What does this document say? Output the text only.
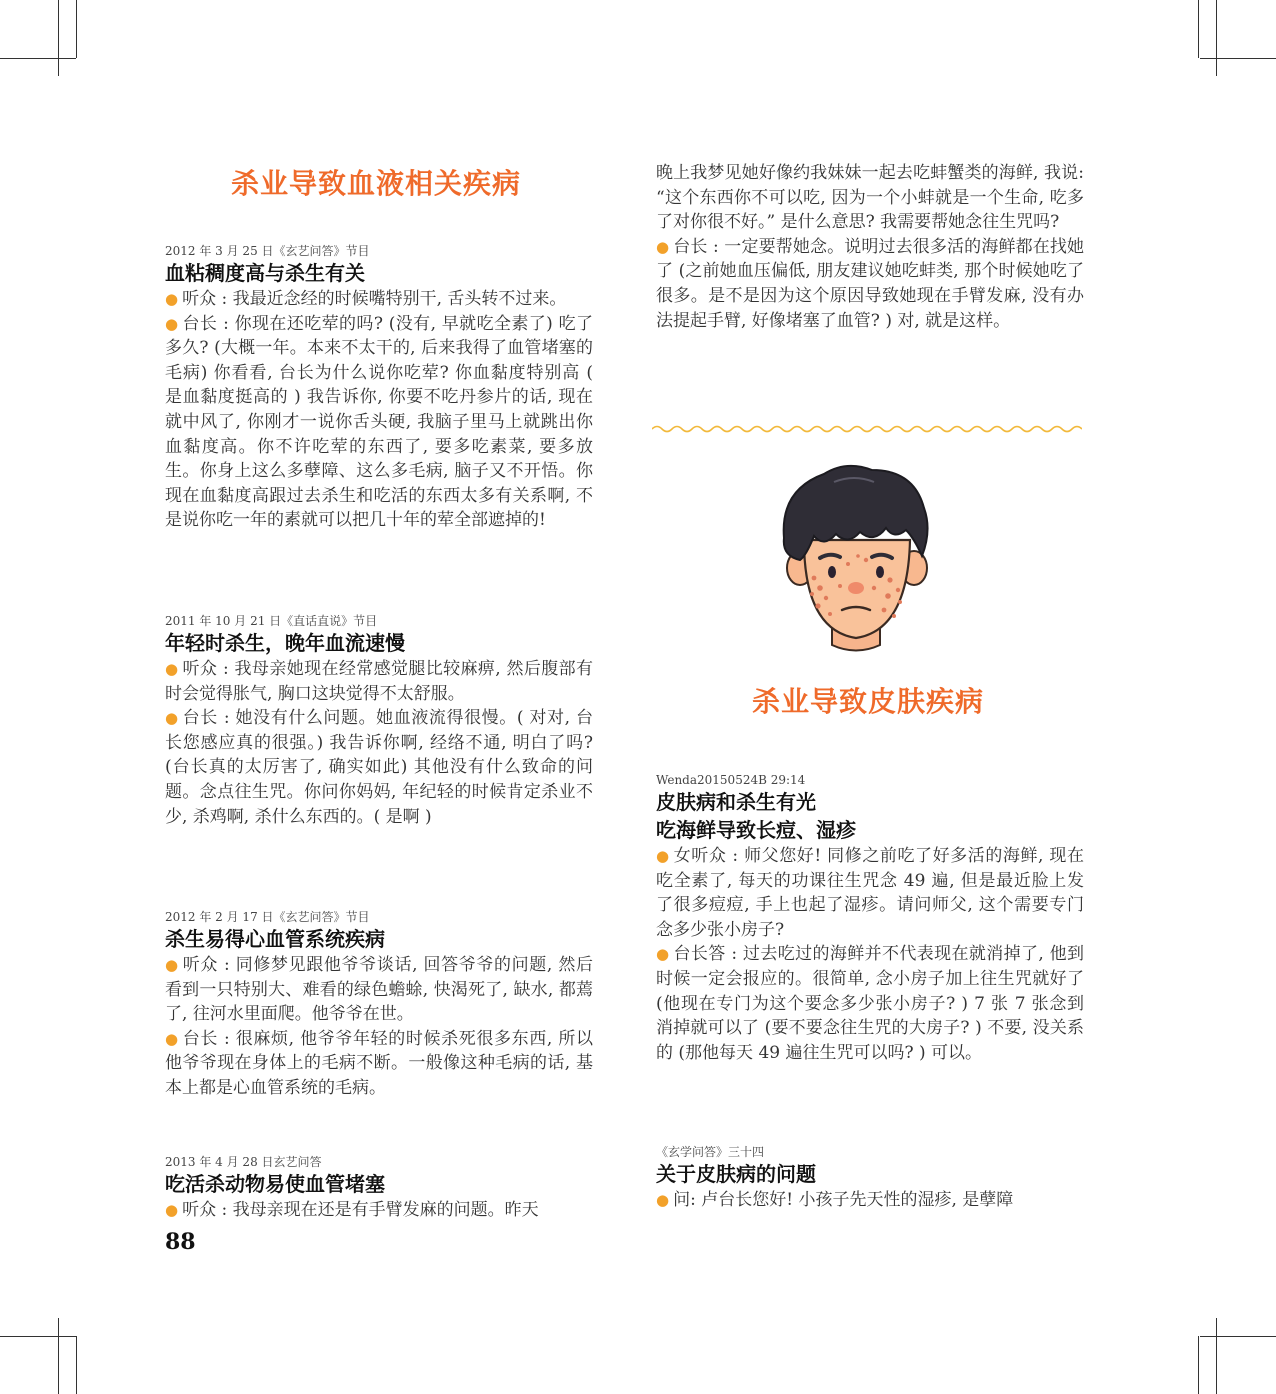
杀业导致血液相关疾病
2012 年 3 月 25 日《玄艺问答》节目
血粘稠度高与杀生有关

● 听众 : 我最近念经的时候嘴特别干, 舌头转不过来。

● 台长 : 你现在还吃荤的吗? (没有, 早就吃全素了) 吃了多久? (大概一年。本来不太干的, 后来我得了血管堵塞的毛病) 你看看, 台长为什么说你吃荤? 你血黏度特别高 ( 是血黏度挺高的 ) 我告诉你, 你要不吃丹参片的话, 现在就中风了, 你刚才一说你舌头硬, 我脑子里马上就跳出你血黏度高。你不许吃荤的东西了, 要多吃素菜, 要多放生。你身上这么多孽障、这么多毛病, 脑子又不开悟。你现在血黏度高跟过去杀生和吃活的东西太多有关系啊, 不是说你吃一年的素就可以把几十年的荤全部遮掉的!

2011 年 10 月 21 日《直话直说》节目
年轻时杀生，晚年血流速慢

● 听众 : 我母亲她现在经常感觉腿比较麻痹, 然后腹部有时会觉得胀气, 胸口这块觉得不太舒服。

● 台长 : 她没有什么问题。她血液流得很慢。( 对对, 台长您感应真的很强。) 我告诉你啊, 经络不通, 明白了吗? (台长真的太厉害了, 确实如此) 其他没有什么致命的问题。念点往生咒。你问你妈妈, 年纪轻的时候肯定杀业不少, 杀鸡啊, 杀什么东西的。( 是啊 )

2012 年 2 月 17 日《玄艺问答》节目
杀生易得心血管系统疾病

● 听众 : 同修梦见跟他爷爷谈话, 回答爷爷的问题, 然后看到一只特别大、难看的绿色蟾蜍, 快渴死了, 缺水, 都蔫了, 往河水里面爬。他爷爷在世。

● 台长 : 很麻烦, 他爷爷年轻的时候杀死很多东西, 所以他爷爷现在身体上的毛病不断。一般像这种毛病的话, 基本上都是心血管系统的毛病。

2013 年 4 月 28 日玄艺问答
吃活杀动物易使血管堵塞

● 听众 : 我母亲现在还是有手臂发麻的问题。昨天

88

晚上我梦见她好像约我妹妹一起去吃蚌蟹类的海鲜, 我说: “这个东西你不可以吃, 因为一个小蚌就是一个生命, 吃多了对你很不好。” 是什么意思? 我需要帮她念往生咒吗?

● 台长 : 一定要帮她念。说明过去很多活的海鲜都在找她了 (之前她血压偏低, 朋友建议她吃蚌类, 那个时候她吃了很多。是不是因为这个原因导致她现在手臂发麻, 没有办法提起手臂, 好像堵塞了血管? ) 对, 就是这样。

杀业导致皮肤疾病
Wenda20150524B 29:14
皮肤病和杀生有光
吃海鲜导致长痘、湿疹

● 女听众 : 师父您好! 同修之前吃了好多活的海鲜, 现在吃全素了, 每天的功课往生咒念 49 遍, 但是最近脸上发了很多痘痘, 手上也起了湿疹。请问师父, 这个需要专门念多少张小房子?

● 台长答 : 过去吃过的海鲜并不代表现在就消掉了, 他到时候一定会报应的。很简单, 念小房子加上往生咒就好了 (他现在专门为这个要念多少张小房子? ) 7 张 7 张念到消掉就可以了 (要不要念往生咒的大房子? ) 不要, 没关系的 (那他每天 49 遍往生咒可以吗? ) 可以。

《玄学问答》三十四
关于皮肤病的问题

● 问: 卢台长您好! 小孩子先天性的湿疹, 是孽障
